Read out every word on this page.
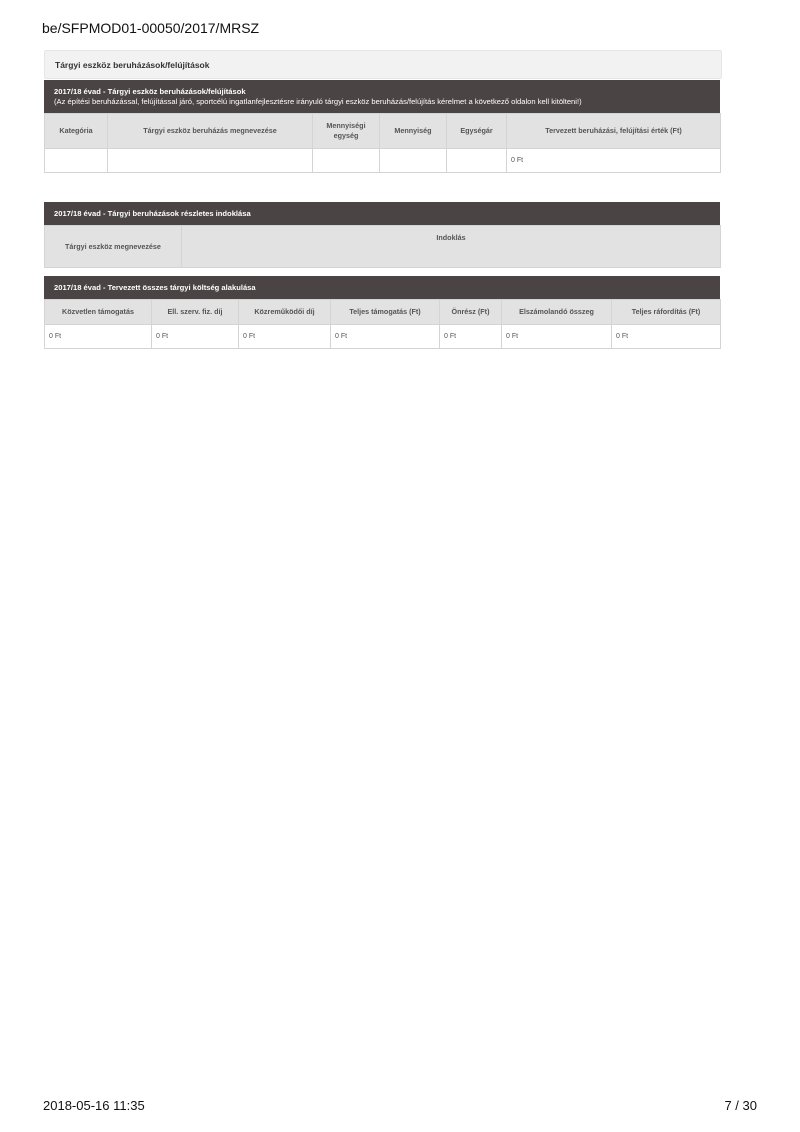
be/SFPMOD01-00050/2017/MRSZ
Tárgyi eszköz beruházások/felújítások
2017/18 évad - Tárgyi eszköz beruházások/felújítások
(Az építési beruházással, felújítással járó, sportcélú ingatlanfejlesztésre irányuló tárgyi eszköz beruházás/felújítás kérelmet a következő oldalon kell kitölteni!)
Kategória	Tárgyi eszköz beruházás megnevezése	Mennyiségi egység	Mennyiség	Egységár	Tervezett beruházási, felújítási érték (Ft)
					0 Ft
2017/18 évad - Tárgyi beruházások részletes indoklása
Tárgyi eszköz megnevezése	Indoklás
2017/18 évad - Tervezett összes tárgyi költség alakulása
Közvetlen támogatás	Ell. szerv. fiz. díj	Közreműködői díj	Teljes támogatás (Ft)	Önrész (Ft)	Elszámolandó összeg	Teljes ráfordítás (Ft)
0 Ft	0 Ft	0 Ft	0 Ft	0 Ft	0 Ft	0 Ft
2018-05-16 11:35	7 / 30
